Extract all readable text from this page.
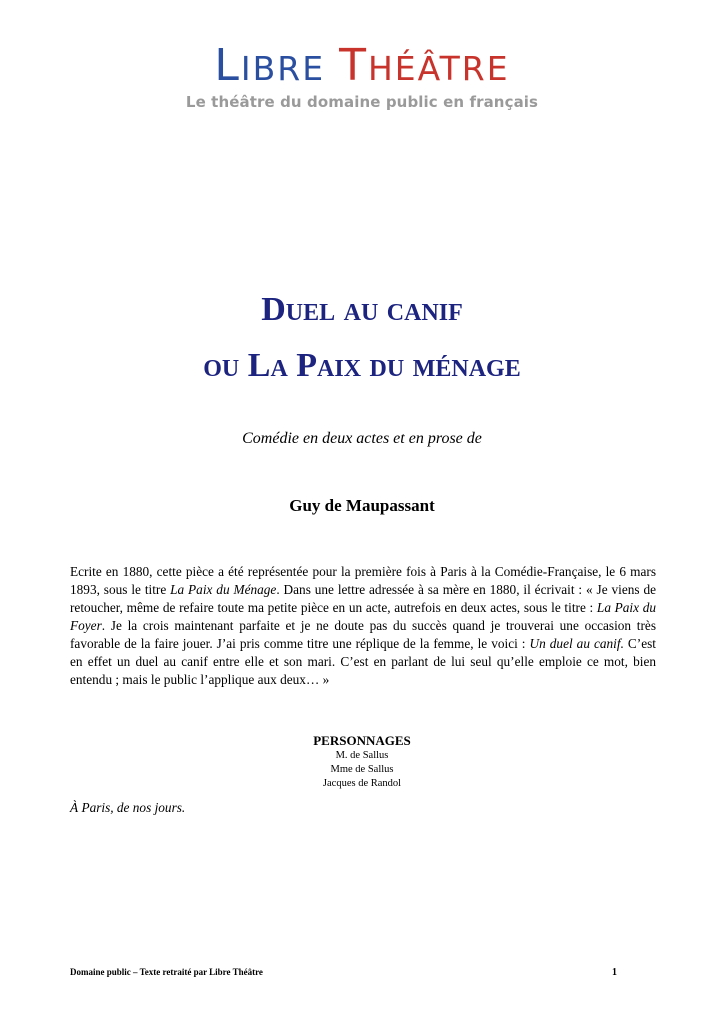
LIBRE THÉÂTRE
Le théâtre du domaine public en français
Duel au canif
ou La Paix du ménage
Comédie en deux actes et en prose de
Guy de Maupassant
Ecrite en 1880, cette pièce a été représentée pour la première fois à Paris à la Comédie-Française, le 6 mars 1893, sous le titre La Paix du Ménage. Dans une lettre adressée à sa mère en 1880, il écrivait : « Je viens de retoucher, même de refaire toute ma petite pièce en un acte, autrefois en deux actes, sous le titre : La Paix du Foyer. Je la crois maintenant parfaite et je ne doute pas du succès quand je trouverai une occasion très favorable de la faire jouer. J’ai pris comme titre une réplique de la femme, le voici : Un duel au canif. C’est en effet un duel au canif entre elle et son mari. C’est en parlant de lui seul qu’elle emploie ce mot, bien entendu ; mais le public l’applique aux deux… »
PERSONNAGES
M. de Sallus
Mme de Sallus
Jacques de Randol
À Paris, de nos jours.
Domaine public – Texte retraité par Libre Théâtre	1
